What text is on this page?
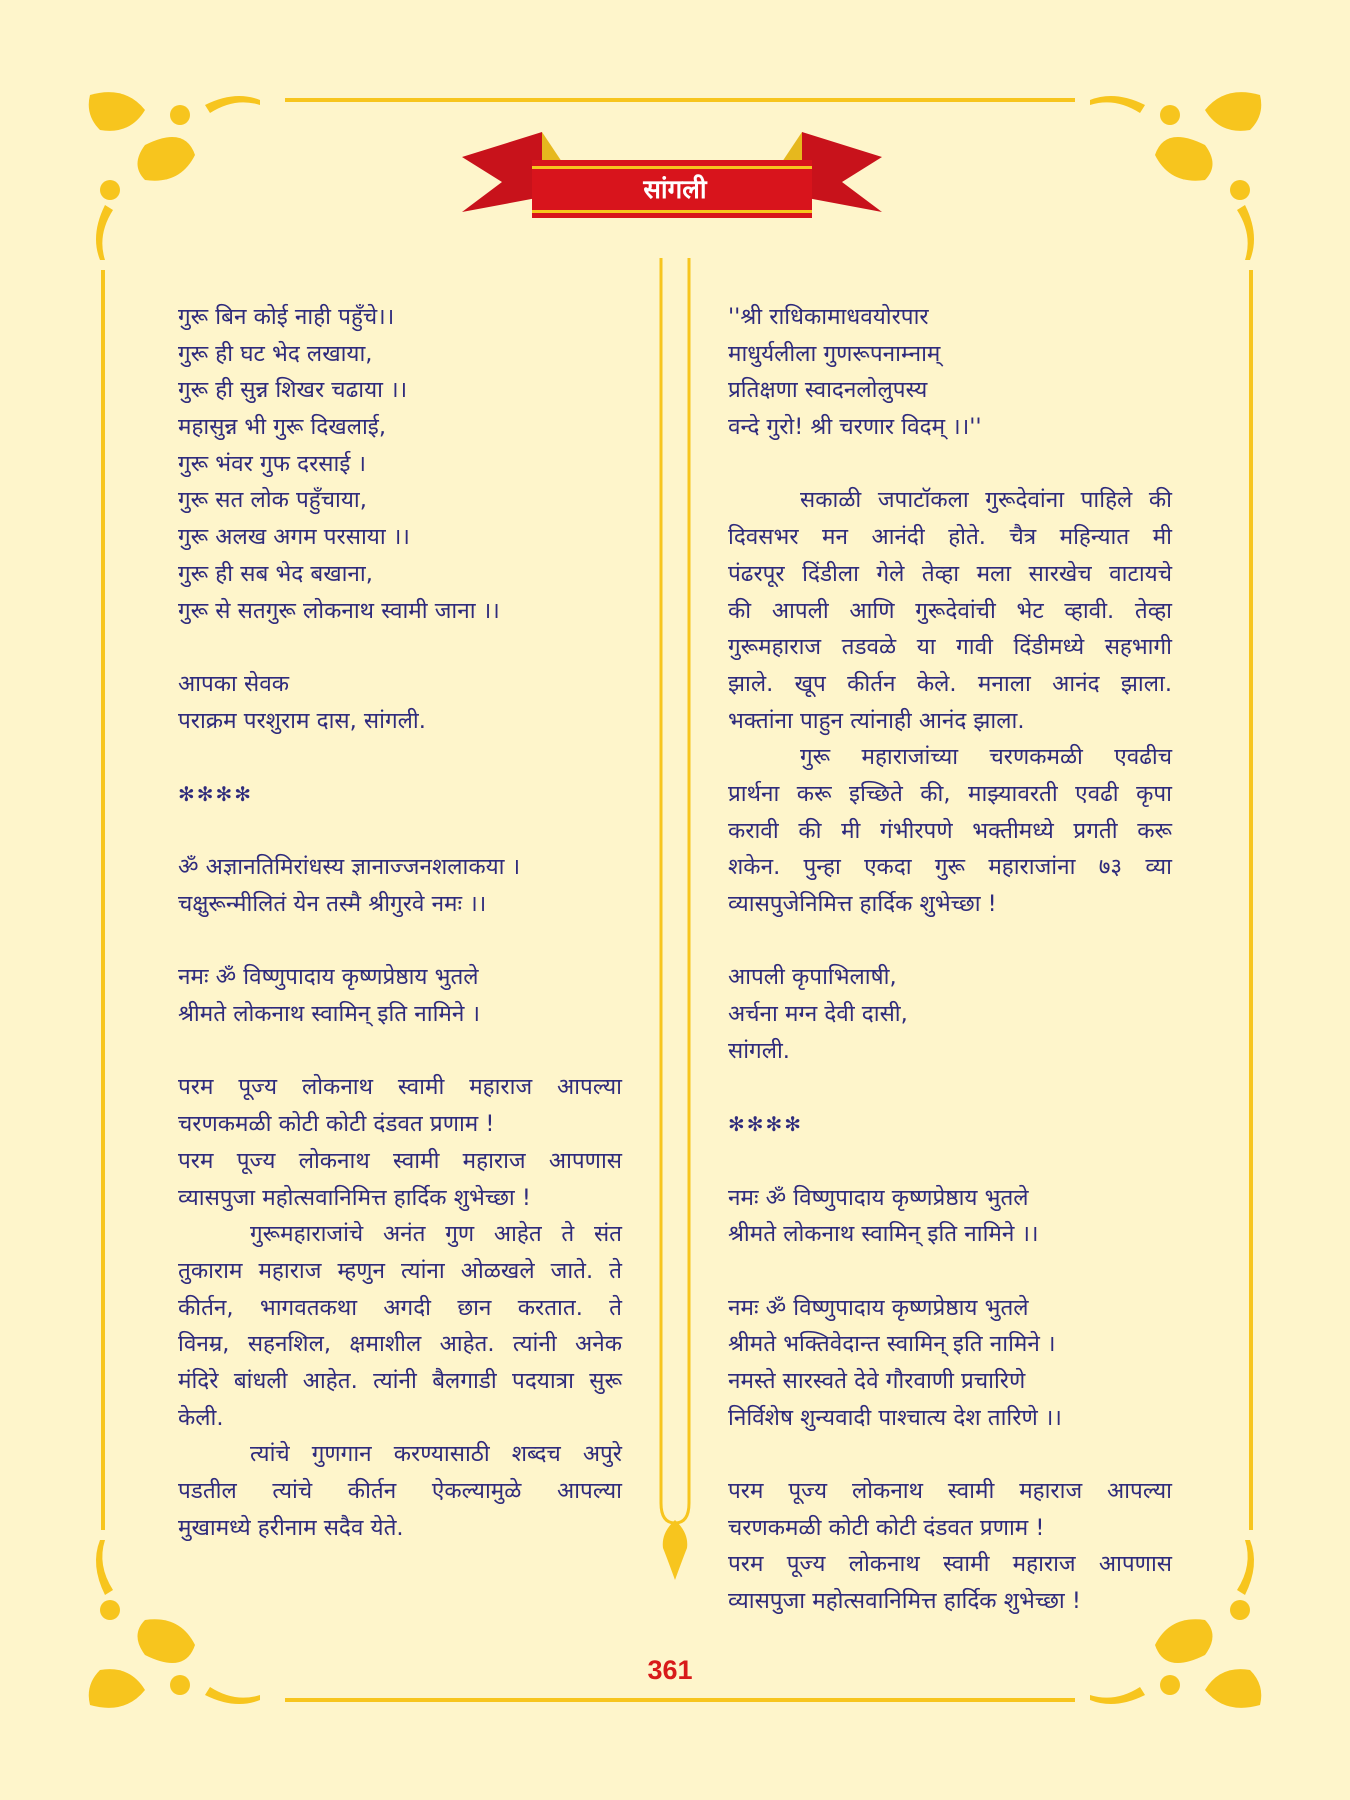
सांगली
गुरू बिन कोई नाही पहुँचे।।
गुरू ही घट भेद लखाया,
गुरू ही सुन्न शिखर चढाया ।।
महासुन्न भी गुरू दिखलाई,
गुरू भंवर गुफ दरसाई ।
गुरू सत लोक पहुँचाया,
गुरू अलख अगम परसाया ।।
गुरू ही सब भेद बखाना,
गुरू से सतगुरू लोकनाथ स्वामी जाना ।।
आपका सेवक
पराक्रम परशुराम दास, सांगली.
✻✻✻✻
ॐ अज्ञानतिमिरांधस्य ज्ञानाज्जनशलाकया ।
चक्षुरून्मीलितं येन तस्मै श्रीगुरवे नमः ।।
नमः ॐ विष्णुपादाय कृष्णप्रेष्ठाय भुतले
श्रीमते लोकनाथ स्वामिन् इति नामिने ।
परम पूज्य लोकनाथ स्वामी महाराज आपल्या
चरणकमळी कोटी कोटी दंडवत प्रणाम !
परम पूज्य लोकनाथ स्वामी महाराज आपणास
व्यासपुजा महोत्सवानिमित्त हार्दिक शुभेच्छा !
गुरूमहाराजांचे अनंत गुण आहेत ते संत
तुकाराम महाराज म्हणुन त्यांना ओळखले जाते. ते
कीर्तन, भागवतकथा अगदी छान करतात. ते
विनम्र, सहनशिल, क्षमाशील आहेत. त्यांनी अनेक
मंदिरे बांधली आहेत. त्यांनी बैलगाडी पदयात्रा सुरू
केली.
त्यांचे गुणगान करण्यासाठी शब्दच अपुरे
पडतील त्यांचे कीर्तन ऐकल्यामुळे आपल्या
मुखामध्ये हरीनाम सदैव येते.
''श्री राधिकामाधवयोरपार
माधुर्यलीला गुणरूपनाम्नाम्
प्रतिक्षणा स्वादनलोलुपस्य
वन्दे गुरो! श्री चरणार विदम् ।।''
सकाळी जपाटॉकला गुरूदेवांना पाहिले की
दिवसभर मन आनंदी होते. चैत्र महिन्यात मी
पंढरपूर दिंडीला गेले तेव्हा मला सारखेच वाटायचे
की आपली आणि गुरूदेवांची भेट व्हावी. तेव्हा
गुरूमहाराज तडवळे या गावी दिंडीमध्ये सहभागी
झाले. खूप कीर्तन केले. मनाला आनंद झाला.
भक्तांना पाहुन त्यांनाही आनंद झाला.
गुरू महाराजांच्या चरणकमळी एवढीच
प्रार्थना करू इच्छिते की, माझ्यावरती एवढी कृपा
करावी की मी गंभीरपणे भक्तीमध्ये प्रगती करू
शकेन. पुन्हा एकदा गुरू महाराजांना ७३ व्या
व्यासपुजेनिमित्त हार्दिक शुभेच्छा !
आपली कृपाभिलाषी,
अर्चना मग्न देवी दासी,
सांगली.
✻✻✻✻
नमः ॐ विष्णुपादाय कृष्णप्रेष्ठाय भुतले
श्रीमते लोकनाथ स्वामिन् इति नामिने ।।
नमः ॐ विष्णुपादाय कृष्णप्रेष्ठाय भुतले
श्रीमते भक्तिवेदान्त स्वामिन् इति नामिने ।
नमस्ते सारस्वते देवे गौरवाणी प्रचारिणे
निर्विशेष शुन्यवादी पाश्चात्य देश तारिणे ।।
परम पूज्य लोकनाथ स्वामी महाराज आपल्या
चरणकमळी कोटी कोटी दंडवत प्रणाम !
परम पूज्य लोकनाथ स्वामी महाराज आपणास
व्यासपुजा महोत्सवानिमित्त हार्दिक शुभेच्छा !
361
